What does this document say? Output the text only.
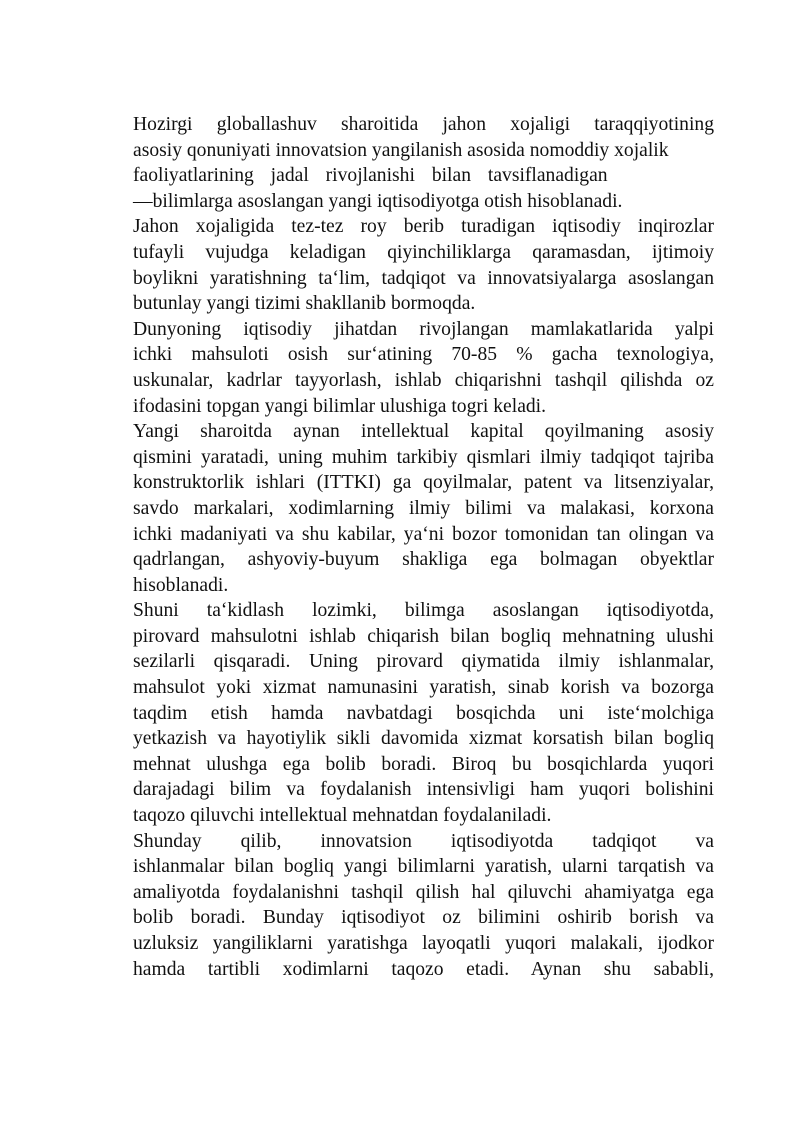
Hozirgi globallashuv sharoitida jahon xojaligi taraqqiyotining
asosiy qonuniyati innovatsion yangilanish asosida nomoddiy xojalik
faoliyatlarining jadal rivojlanishi bilan tavsiflanadigan
—bilimlarga asoslangan yangi iqtisodiyotga otish hisoblanadi.
Jahon xojaligida tez-tez roy berib turadigan iqtisodiy inqirozlar
tufayli vujudga keladigan qiyinchiliklarga qaramasdan, ijtimoiy
boylikni yaratishning ta‘lim, tadqiqot va innovatsiyalarga asoslangan
butunlay yangi tizimi shakllanib bormoqda.
Dunyoning iqtisodiy jihatdan rivojlangan mamlakatlarida yalpi
ichki mahsuloti osish sur‘atining 70-85 % gacha texnologiya,
uskunalar, kadrlar tayyorlash, ishlab chiqarishni tashqil qilishda oz
ifodasini topgan yangi bilimlar ulushiga togri keladi.
Yangi sharoitda aynan intellektual kapital qoyilmaning asosiy
qismini yaratadi, uning muhim tarkibiy qismlari ilmiy tadqiqot tajriba
konstruktorlik ishlari (ITTKI) ga qoyilmalar, patent va litsenziyalar,
savdo markalari, xodimlarning ilmiy bilimi va malakasi, korxona
ichki madaniyati va shu kabilar, ya‘ni bozor tomonidan tan olingan va
qadrlangan, ashyoviy-buyum shakliga ega bolmagan obyektlar
hisoblanadi.
Shuni ta‘kidlash lozimki, bilimga asoslangan iqtisodiyotda,
pirovard mahsulotni ishlab chiqarish bilan bogliq mehnatning ulushi
sezilarli qisqaradi. Uning pirovard qiymatida ilmiy ishlanmalar,
mahsulot yoki xizmat namunasini yaratish, sinab korish va bozorga
taqdim etish hamda navbatdagi bosqichda uni iste‘molchiga
yetkazish va hayotiylik sikli davomida xizmat korsatish bilan bogliq
mehnat ulushga ega bolib boradi. Biroq bu bosqichlarda yuqori
darajadagi bilim va foydalanish intensivligi ham yuqori bolishini
taqozo qiluvchi intellektual mehnatdan foydalaniladi.
Shunday qilib, innovatsion iqtisodiyotda tadqiqot va
ishlanmalar bilan bogliq yangi bilimlarni yaratish, ularni tarqatish va
amaliyotda foydalanishni tashqil qilish hal qiluvchi ahamiyatga ega
bolib boradi. Bunday iqtisodiyot oz bilimini oshirib borish va
uzluksiz yangiliklarni yaratishga layoqatli yuqori malakali, ijodkor
hamda tartibli xodimlarni taqozo etadi. Aynan shu sababli,
